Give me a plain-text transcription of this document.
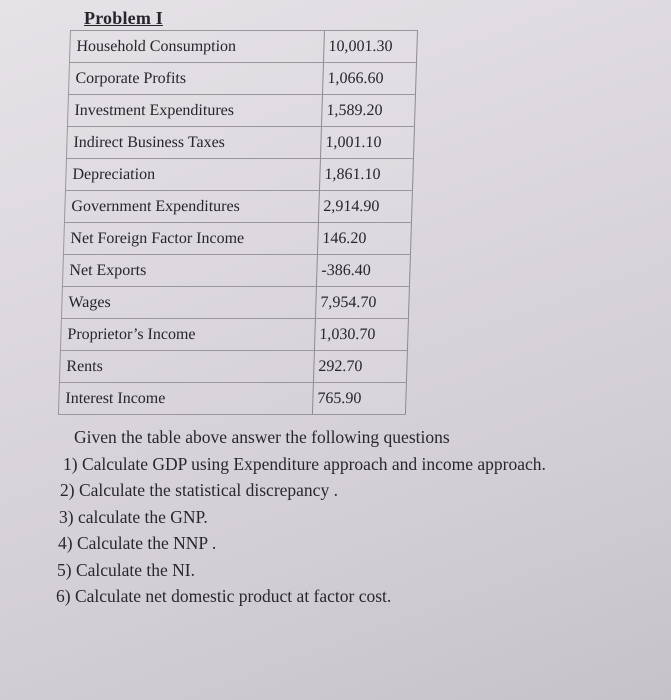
Problem I
Household Consumption	10,001.30
Corporate Profits	1,066.60
Investment Expenditures	1,589.20
Indirect Business Taxes	1,001.10
Depreciation	1,861.10
Government Expenditures	2,914.90
Net Foreign Factor Income	146.20
Net Exports	-386.40
Wages	7,954.70
Proprietor’s Income	1,030.70
Rents	292.70
Interest Income	765.90
Given the table above answer the following questions
1) Calculate GDP using Expenditure approach and income approach.
2) Calculate the statistical discrepancy .
3) calculate the GNP.
4) Calculate the NNP .
5) Calculate the NI.
6) Calculate net domestic product at factor cost.
